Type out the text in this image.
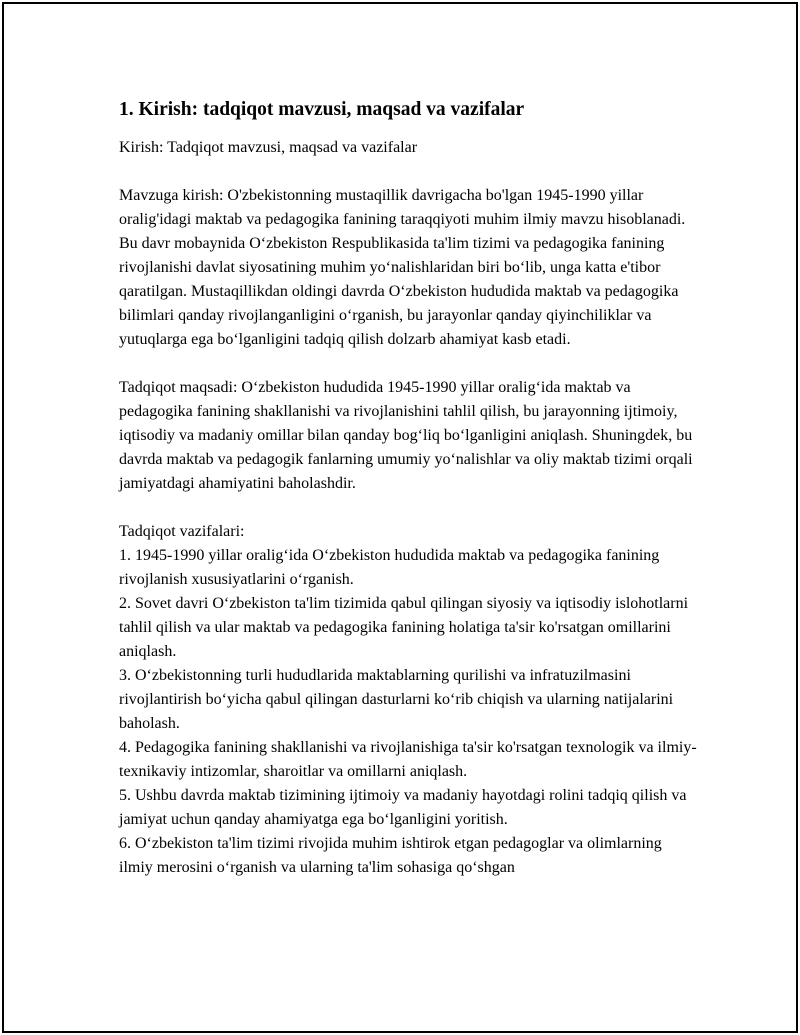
1. Kirish: tadqiqot mavzusi, maqsad va vazifalar
Kirish: Tadqiqot mavzusi, maqsad va vazifalar

Mavzuga kirish: O'zbekistonning mustaqillik davrigacha bo'lgan 1945-1990 yillar oralig'idagi maktab va pedagogika fanining taraqqiyoti muhim ilmiy mavzu hisoblanadi. Bu davr mobaynida O‘zbekiston Respublikasida ta'lim tizimi va pedagogika fanining rivojlanishi davlat siyosatining muhim yo‘nalishlaridan biri bo‘lib, unga katta e'tibor qaratilgan. Mustaqillikdan oldingi davrda O‘zbekiston hududida maktab va pedagogika bilimlari qanday rivojlanganligini o‘rganish, bu jarayonlar qanday qiyinchiliklar va yutuqlarga ega bo‘lganligini tadqiq qilish dolzarb ahamiyat kasb etadi.

Tadqiqot maqsadi: O‘zbekiston hududida 1945-1990 yillar oralig‘ida maktab va pedagogika fanining shakllanishi va rivojlanishini tahlil qilish, bu jarayonning ijtimoiy, iqtisodiy va madaniy omillar bilan qanday bog‘liq bo‘lganligini aniqlash. Shuningdek, bu davrda maktab va pedagogik fanlarning umumiy yo‘nalishlar va oliy maktab tizimi orqali jamiyatdagi ahamiyatini baholashdir.

Tadqiqot vazifalari:
1. 1945-1990 yillar oralig‘ida O‘zbekiston hududida maktab va pedagogika fanining rivojlanish xususiyatlarini o‘rganish.
2. Sovet davri O‘zbekiston ta'lim tizimida qabul qilingan siyosiy va iqtisodiy islohotlarni tahlil qilish va ular maktab va pedagogika fanining holatiga ta'sir ko'rsatgan omillarini aniqlash.
3. O‘zbekistonning turli hududlarida maktablarning qurilishi va infratuzilmasini rivojlantirish bo‘yicha qabul qilingan dasturlarni ko‘rib chiqish va ularning natijalarini baholash.
4. Pedagogika fanining shakllanishi va rivojlanishiga ta'sir ko'rsatgan texnologik va ilmiy-texnikaviy intizomlar, sharoitlar va omillarni aniqlash.
5. Ushbu davrda maktab tizimining ijtimoiy va madaniy hayotdagi rolini tadqiq qilish va jamiyat uchun qanday ahamiyatga ega bo‘lganligini yoritish.
6. O‘zbekiston ta'lim tizimi rivojida muhim ishtirok etgan pedagoglar va olimlarning ilmiy merosini o‘rganish va ularning ta'lim sohasiga qo‘shgan
